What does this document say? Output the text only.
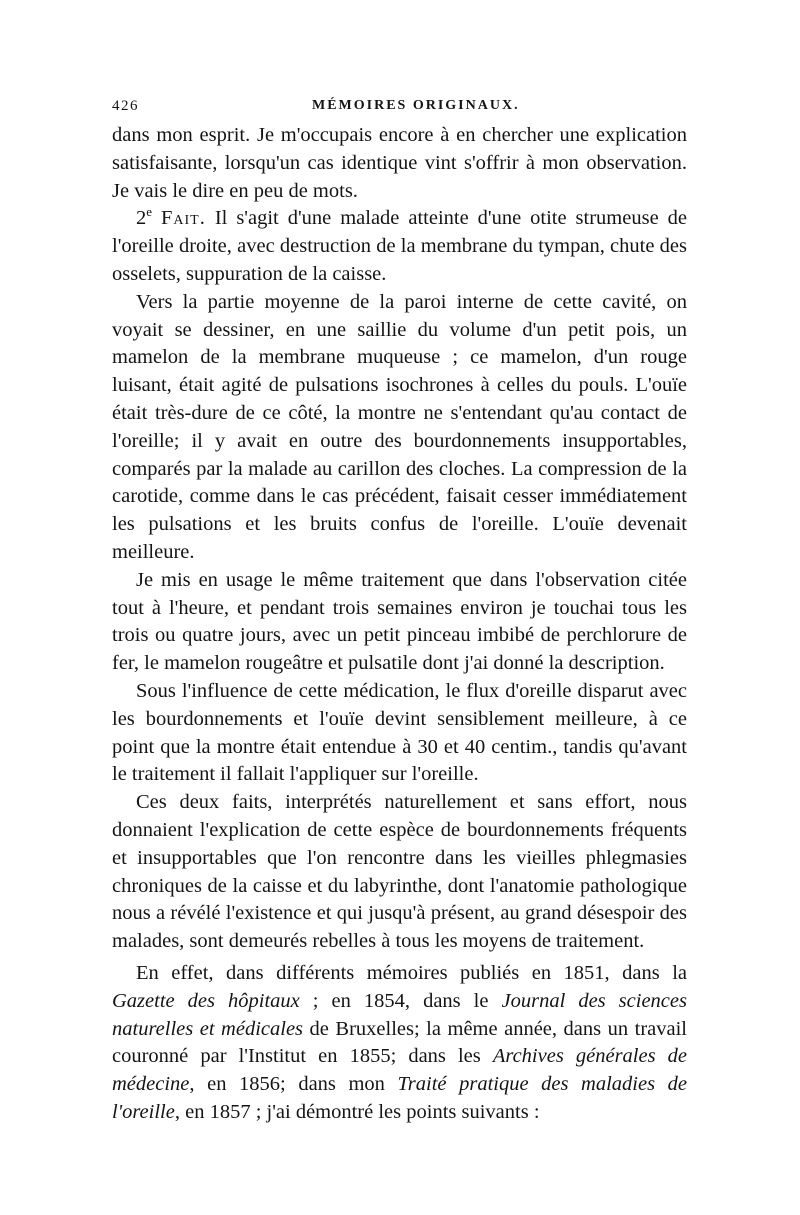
426	MÉMOIRES ORIGINAUX.

dans mon esprit. Je m'occupais encore à en chercher une explication satisfaisante, lorsqu'un cas identique vint s'offrir à mon observation. Je vais le dire en peu de mots.

2e Fait. Il s'agit d'une malade atteinte d'une otite strumeuse de l'oreille droite, avec destruction de la membrane du tympan, chute des osselets, suppuration de la caisse.

Vers la partie moyenne de la paroi interne de cette cavité, on voyait se dessiner, en une saillie du volume d'un petit pois, un mamelon de la membrane muqueuse ; ce mamelon, d'un rouge luisant, était agité de pulsations isochrones à celles du pouls. L'ouïe était très-dure de ce côté, la montre ne s'entendant qu'au contact de l'oreille; il y avait en outre des bourdonnements insupportables, comparés par la malade au carillon des cloches. La compression de la carotide, comme dans le cas précédent, faisait cesser immédiatement les pulsations et les bruits confus de l'oreille. L'ouïe devenait meilleure.

Je mis en usage le même traitement que dans l'observation citée tout à l'heure, et pendant trois semaines environ je touchai tous les trois ou quatre jours, avec un petit pinceau imbibé de perchlorure de fer, le mamelon rougeâtre et pulsatile dont j'ai donné la description.

Sous l'influence de cette médication, le flux d'oreille disparut avec les bourdonnements et l'ouïe devint sensiblement meilleure, à ce point que la montre était entendue à 30 et 40 centim., tandis qu'avant le traitement il fallait l'appliquer sur l'oreille.

Ces deux faits, interprétés naturellement et sans effort, nous donnaient l'explication de cette espèce de bourdonnements fréquents et insupportables que l'on rencontre dans les vieilles phlegmasies chroniques de la caisse et du labyrinthe, dont l'anatomie pathologique nous a révélé l'existence et qui jusqu'à présent, au grand désespoir des malades, sont demeurés rebelles à tous les moyens de traitement.

En effet, dans différents mémoires publiés en 1851, dans la Gazette des hôpitaux ; en 1854, dans le Journal des sciences naturelles et médicales de Bruxelles; la même année, dans un travail couronné par l'Institut en 1855; dans les Archives générales de médecine, en 1856; dans mon Traité pratique des maladies de l'oreille, en 1857 ; j'ai démontré les points suivants :
